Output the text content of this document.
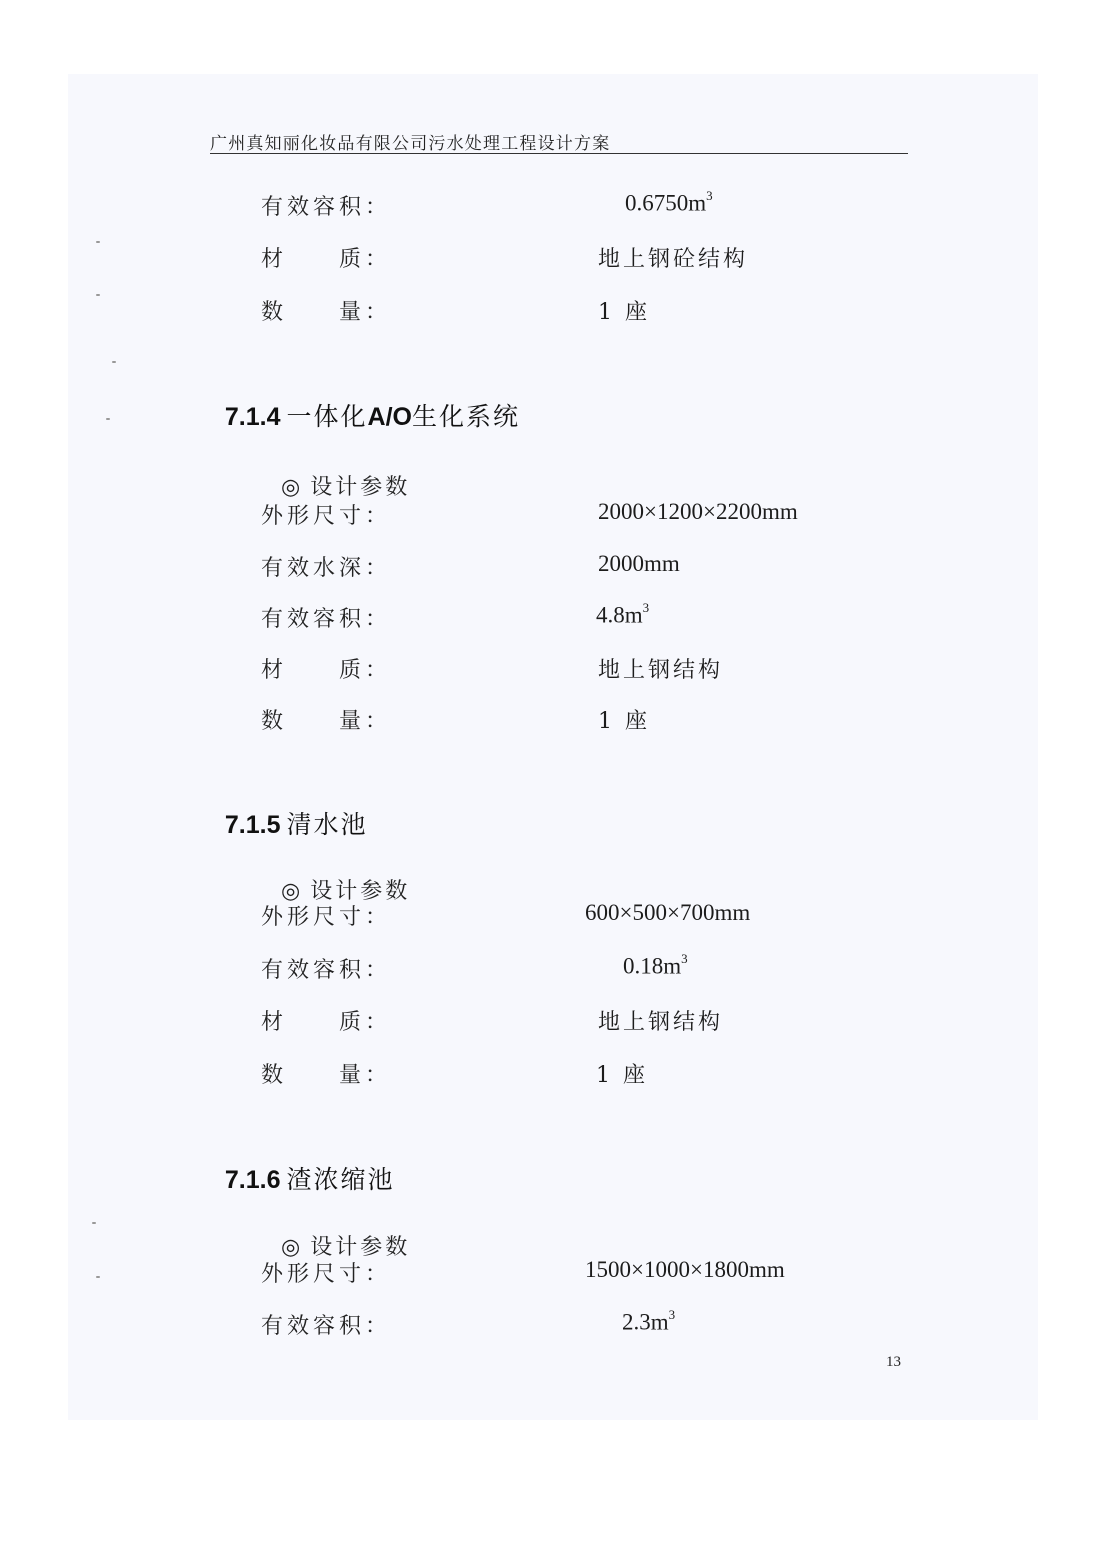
广州真知丽化妆品有限公司污水处理工程设计方案
有效容积：	$0.6750m^3$
材　　质：	地上钢砼结构
数　　量：	1 座

7.1.4 一体化A/O生化系统

◎ 设计参数

外形尺寸：	2000×1200×2200mm
有效水深：	2000mm
有效容积：	$4.8m^3$
材　　质：	地上钢结构
数　　量：	1 座

7.1.5 清水池

◎ 设计参数

外形尺寸：	600×500×700mm
有效容积：	$0.18m^3$
材　　质：	地上钢结构
数　　量：	1 座

7.1.6 渣浓缩池

◎ 设计参数

外形尺寸：	1500×1000×1800mm
有效容积：	$2.3m^3$
13
